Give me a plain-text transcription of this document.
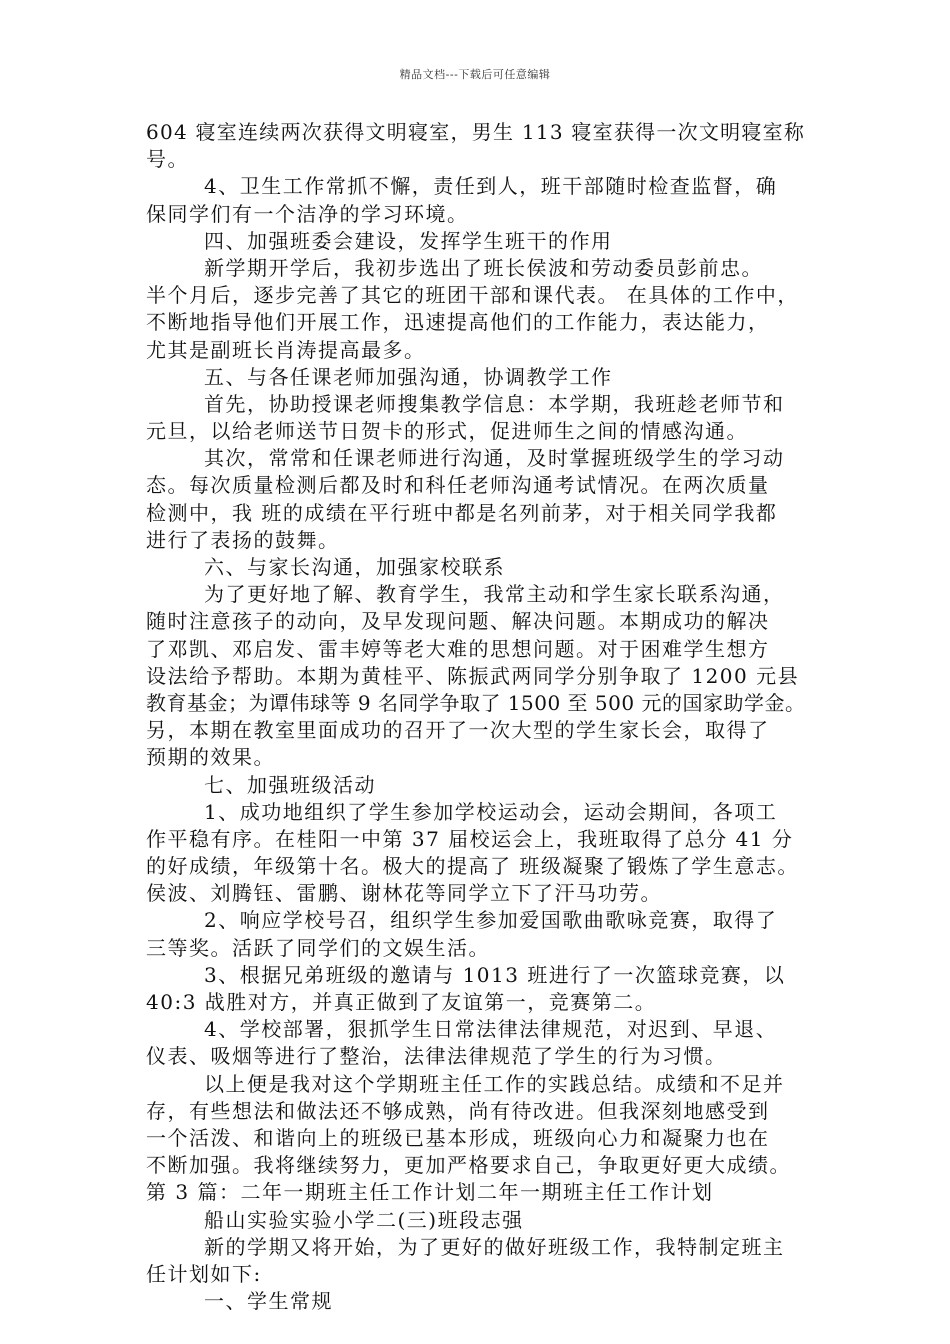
精品文档---下载后可任意编辑
604 寝室连续两次获得文明寝室，男生 113 寝室获得一次文明寝室称
号。
4、卫生工作常抓不懈，责任到人，班干部随时检查监督，确
保同学们有一个洁净的学习环境。
四、加强班委会建设，发挥学生班干的作用
新学期开学后，我初步选出了班长侯波和劳动委员彭前忠。
半个月后，逐步完善了其它的班团干部和课代表。 在具体的工作中，
不断地指导他们开展工作，迅速提高他们的工作能力，表达能力，
尤其是副班长肖涛提高最多。
五、与各任课老师加强沟通，协调教学工作
首先，协助授课老师搜集教学信息：本学期，我班趁老师节和
元旦，以给老师送节日贺卡的形式，促进师生之间的情感沟通。
其次，常常和任课老师进行沟通，及时掌握班级学生的学习动
态。每次质量检测后都及时和科任老师沟通考试情况。在两次质量
检测中，我 班的成绩在平行班中都是名列前茅，对于相关同学我都
进行了表扬的鼓舞。
六、与家长沟通，加强家校联系
为了更好地了解、教育学生，我常主动和学生家长联系沟通，
随时注意孩子的动向，及早发现问题、解决问题。本期成功的解决
了邓凯、邓启发、雷丰婷等老大难的思想问题。对于困难学生想方
设法给予帮助。本期为黄桂平、陈振武两同学分别争取了 1200 元县
教育基金；为谭伟球等 9 名同学争取了 1500 至 500 元的国家助学金。
另，本期在教室里面成功的召开了一次大型的学生家长会，取得了
预期的效果。
七、加强班级活动
1、成功地组织了学生参加学校运动会，运动会期间，各项工
作平稳有序。在桂阳一中第 37 届校运会上，我班取得了总分 41 分
的好成绩，年级第十名。极大的提高了 班级凝聚了锻炼了学生意志。
侯波、刘腾钰、雷鹏、谢林花等同学立下了汗马功劳。
2、响应学校号召，组织学生参加爱国歌曲歌咏竞赛，取得了
三等奖。活跃了同学们的文娱生活。
3、根据兄弟班级的邀请与 1013 班进行了一次篮球竞赛，以
40:3 战胜对方，并真正做到了友谊第一，竞赛第二。
4、学校部署，狠抓学生日常法律法律规范，对迟到、早退、
仪表、吸烟等进行了整治，法律法律规范了学生的行为习惯。
以上便是我对这个学期班主任工作的实践总结。成绩和不足并
存，有些想法和做法还不够成熟，尚有待改进。但我深刻地感受到
一个活泼、和谐向上的班级已基本形成，班级向心力和凝聚力也在
不断加强。我将继续努力，更加严格要求自己，争取更好更大成绩。
第 3 篇：二年一期班主任工作计划二年一期班主任工作计划
船山实验实验小学二(三)班段志强
新的学期又将开始，为了更好的做好班级工作，我特制定班主
任计划如下:
一、学生常规
